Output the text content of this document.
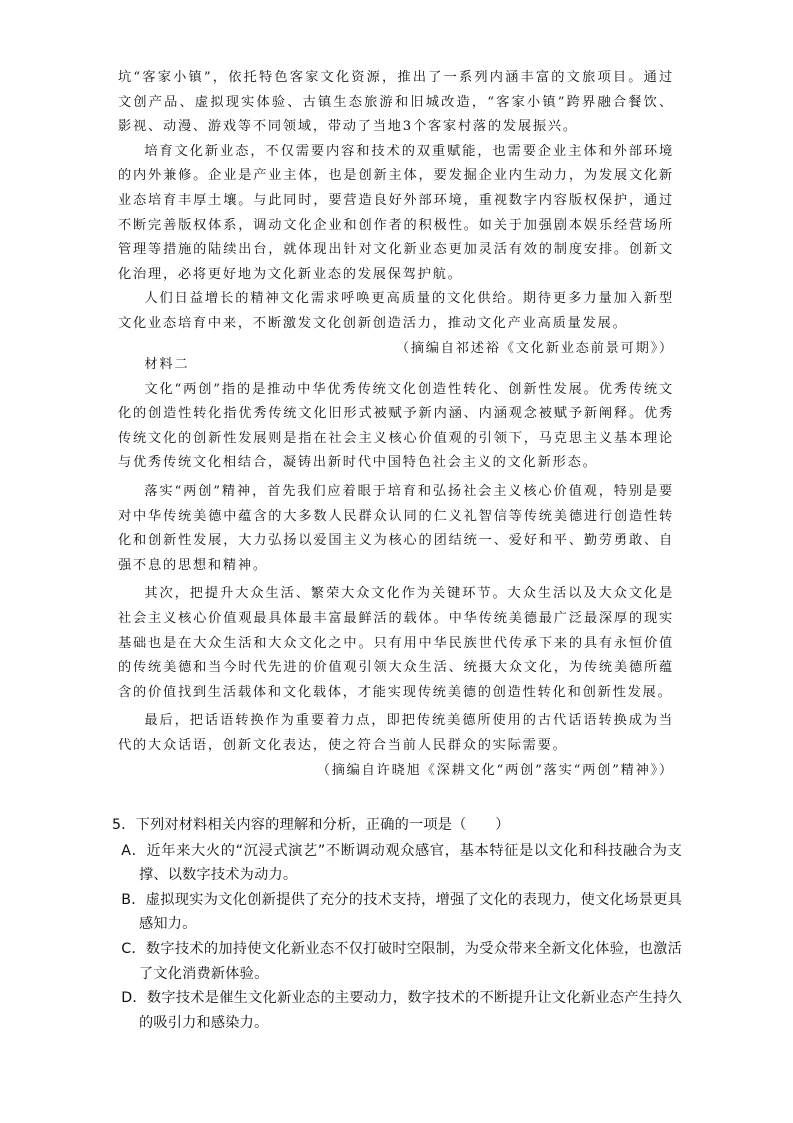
坑“客家小镇”，依托特色客家文化资源，推出了一系列内涵丰富的文旅项目。通过文创产品、虚拟现实体验、古镇生态旅游和旧城改造，“客家小镇”跨界融合餐饮、影视、动漫、游戏等不同领域，带动了当地3个客家村落的发展振兴。

培育文化新业态，不仅需要内容和技术的双重赋能，也需要企业主体和外部环境的内外兼修。企业是产业主体，也是创新主体，要发掘企业内生动力，为发展文化新业态培育丰厚土壤。与此同时，要营造良好外部环境，重视数字内容版权保护，通过不断完善版权体系，调动文化企业和创作者的积极性。如关于加强剧本娱乐经营场所管理等措施的陆续出台，就体现出针对文化新业态更加灵活有效的制度安排。创新文化治理，必将更好地为文化新业态的发展保驾护航。

人们日益增长的精神文化需求呼唤更高质量的文化供给。期待更多力量加入新型文化业态培育中来，不断激发文化创新创造活力，推动文化产业高质量发展。

（摘编自祁述裕《文化新业态前景可期》）

材料二

文化“两创”指的是推动中华优秀传统文化创造性转化、创新性发展。优秀传统文化的创造性转化指优秀传统文化旧形式被赋予新内涵、内涵观念被赋予新阐释。优秀传统文化的创新性发展则是指在社会主义核心价值观的引领下，马克思主义基本理论与优秀传统文化相结合，凝铸出新时代中国特色社会主义的文化新形态。

落实“两创”精神，首先我们应着眼于培育和弘扬社会主义核心价值观，特别是要对中华传统美德中蕴含的大多数人民群众认同的仁义礼智信等传统美德进行创造性转化和创新性发展，大力弘扬以爱国主义为核心的团结统一、爱好和平、勤劳勇敢、自强不息的思想和精神。

其次，把提升大众生活、繁荣大众文化作为关键环节。大众生活以及大众文化是社会主义核心价值观最具体最丰富最鲜活的载体。中华传统美德最广泛最深厚的现实基础也是在大众生活和大众文化之中。只有用中华民族世代传承下来的具有永恒价值的传统美德和当今时代先进的价值观引领大众生活、统摄大众文化，为传统美德所蕴含的价值找到生活载体和文化载体，才能实现传统美德的创造性转化和创新性发展。

最后，把话语转换作为重要着力点，即把传统美德所使用的古代话语转换成为当代的大众话语，创新文化表达，使之符合当前人民群众的实际需要。

（摘编自许晓旭《深耕文化“两创”落实“两创”精神》）

5．下列对材料相关内容的理解和分析，正确的一项是（　　）

A．近年来大火的“沉浸式演艺”不断调动观众感官，基本特征是以文化和科技融合为支撑、以数字技术为动力。

B．虚拟现实为文化创新提供了充分的技术支持，增强了文化的表现力，使文化场景更具感知力。

C．数字技术的加持使文化新业态不仅打破时空限制，为受众带来全新文化体验，也激活了文化消费新体验。

D．数字技术是催生文化新业态的主要动力，数字技术的不断提升让文化新业态产生持久的吸引力和感染力。
